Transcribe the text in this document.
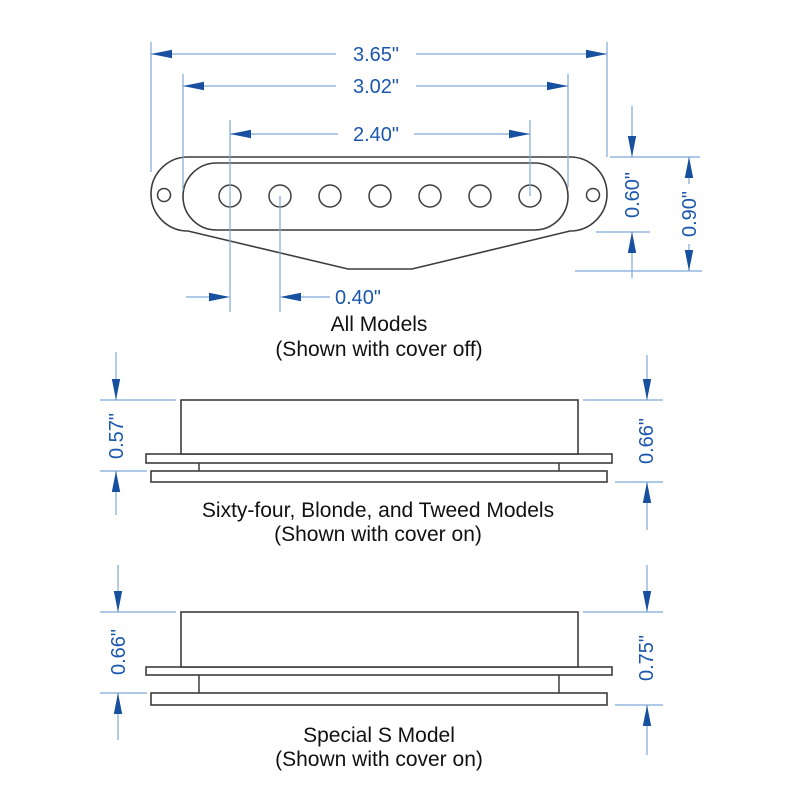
3.65"
3.02"
2.40"
0.40"
0.60" 0.90"
All Models
(Shown with cover off)
0.57"	0.66"
Sixty-four, Blonde, and Tweed Models
(Shown with cover on)
0.66"	0.75"
Special S Model
(Shown with cover on)
